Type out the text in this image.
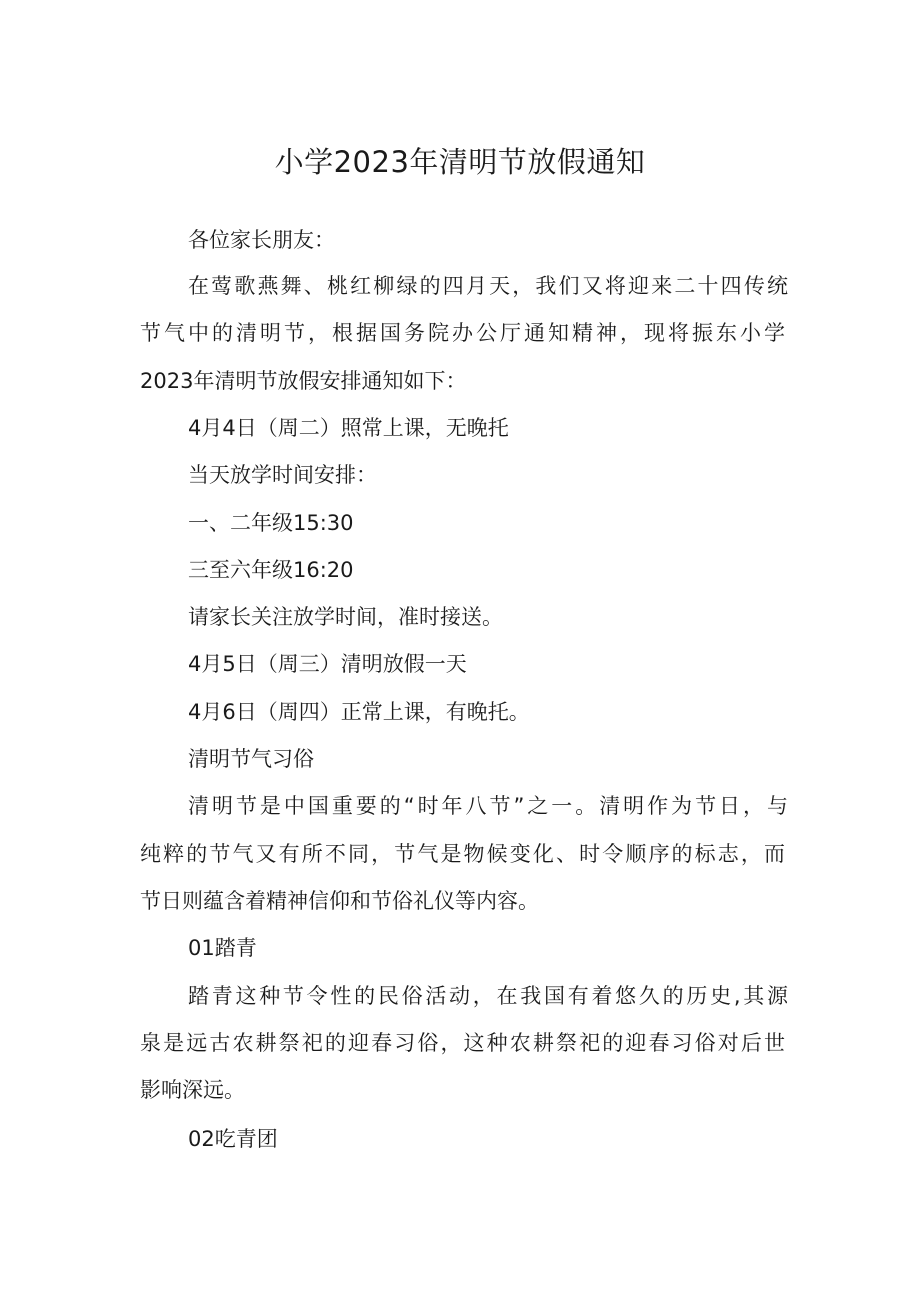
小学2023年清明节放假通知
各位家长朋友：
在莺歌燕舞、桃红柳绿的四月天，我们又将迎来二十四传统
节气中的清明节，根据国务院办公厅通知精神，现将振东小学
2023年清明节放假安排通知如下：
4月4日（周二）照常上课，无晚托
当天放学时间安排：
一、二年级15:30
三至六年级16:20
请家长关注放学时间，准时接送。
4月5日（周三）清明放假一天
4月6日（周四）正常上课，有晚托。
清明节气习俗
清明节是中国重要的“时年八节”之一。清明作为节日，与
纯粹的节气又有所不同，节气是物候变化、时令顺序的标志，而
节日则蕴含着精神信仰和节俗礼仪等内容。
01踏青
踏青这种节令性的民俗活动，在我国有着悠久的历史,其源
泉是远古农耕祭祀的迎春习俗，这种农耕祭祀的迎春习俗对后世
影响深远。
02吃青团
